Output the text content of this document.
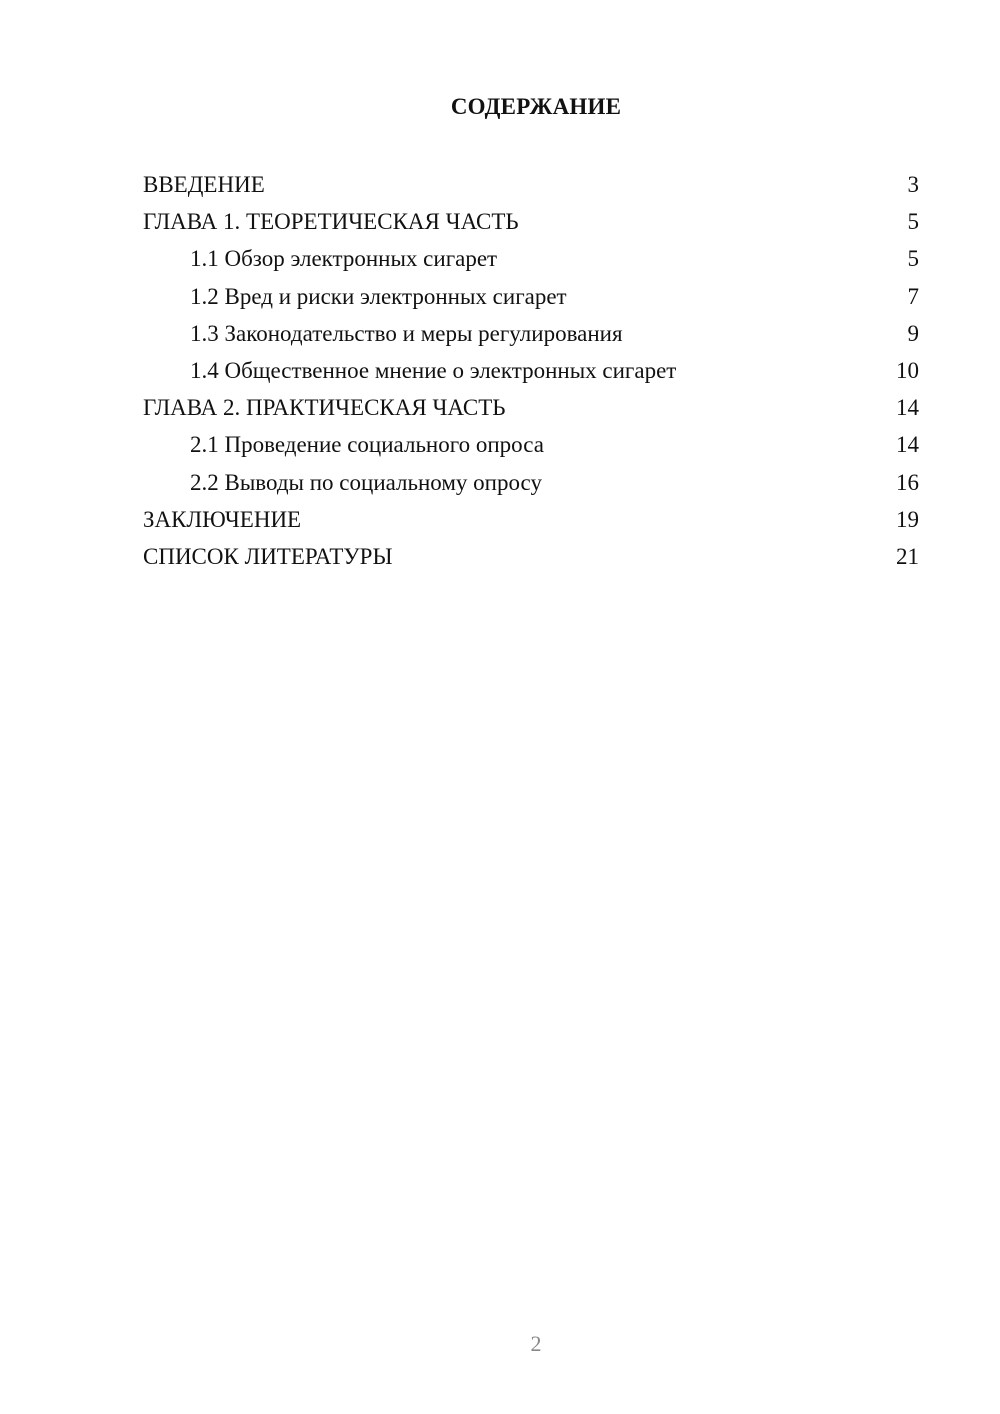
СОДЕРЖАНИЕ
ВВЕДЕНИЕ	3
ГЛАВА 1. ТЕОРЕТИЧЕСКАЯ ЧАСТЬ	5
1.1 Обзор электронных сигарет	5
1.2 Вред и риски электронных сигарет	7
1.3 Законодательство и меры регулирования	9
1.4 Общественное мнение о электронных сигарет	10
ГЛАВА 2. ПРАКТИЧЕСКАЯ ЧАСТЬ	14
2.1 Проведение социального опроса	14
2.2 Выводы по социальному опросу	16
ЗАКЛЮЧЕНИЕ	19
СПИСОК ЛИТЕРАТУРЫ	21
2
